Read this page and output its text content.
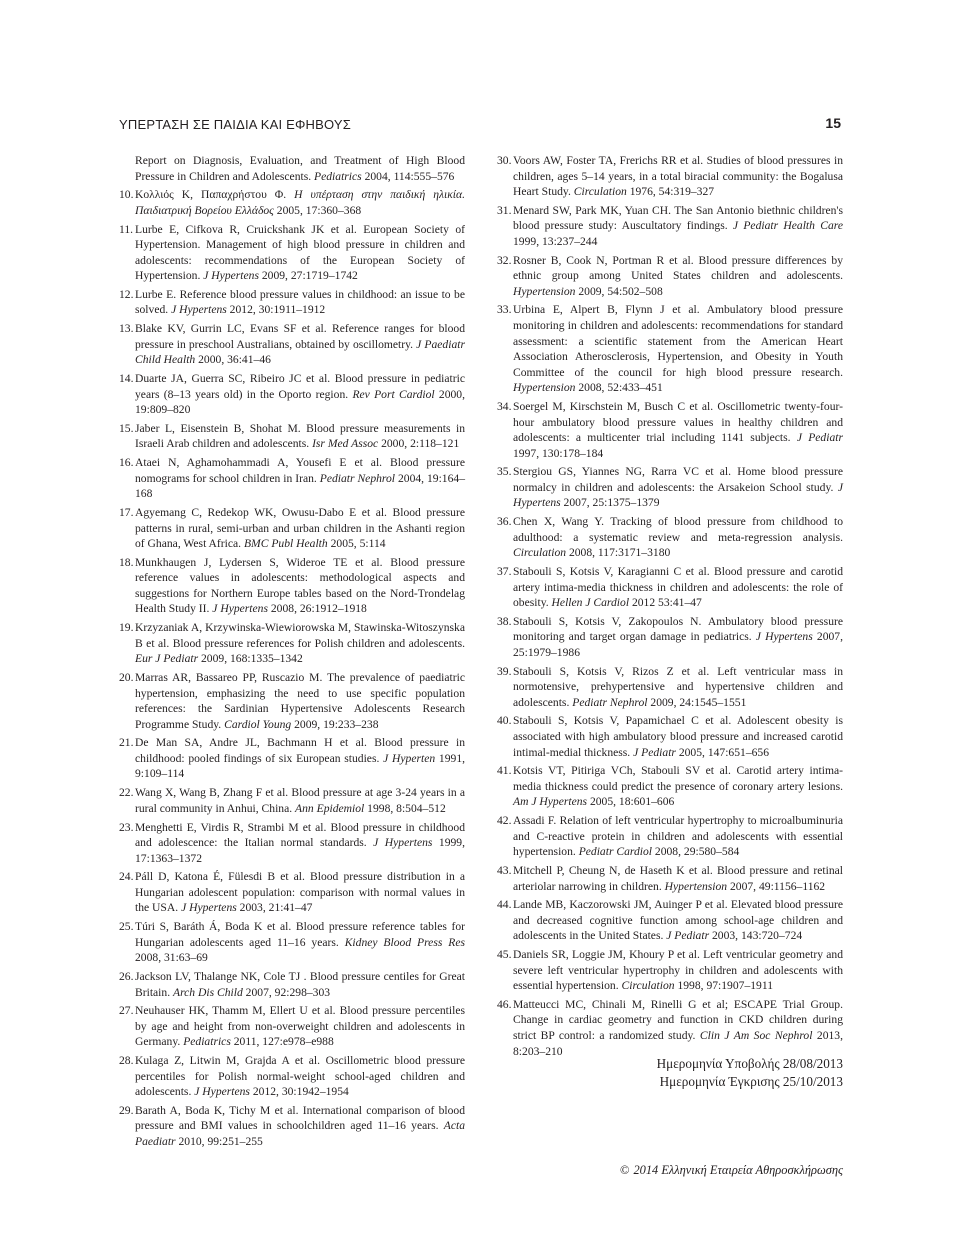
ΥΠΕΡΤΑΣΗ ΣΕ ΠΑΙΔΙΑ ΚΑΙ ΕΦΗΒΟΥΣ	15
Report on Diagnosis, Evaluation, and Treatment of High Blood Pressure in Children and Adolescents. Pediatrics 2004, 114:555–576
10. Κολλιός Κ, Παπαχρήστου Φ. Η υπέρταση στην παιδική ηλικία. Παιδιατρική Βορείου Ελλάδος 2005, 17:360–368
11. Lurbe E, Cifkova R, Cruickshank JK et al. European Society of Hypertension. Management of high blood pressure in children and adolescents: recommendations of the European Society of Hypertension. J Hypertens 2009, 27:1719–1742
12. Lurbe E. Reference blood pressure values in childhood: an issue to be solved. J Hypertens 2012, 30:1911–1912
13. Blake KV, Gurrin LC, Evans SF et al. Reference ranges for blood pressure in preschool Australians, obtained by oscillometry. J Paediatr Child Health 2000, 36:41–46
14. Duarte JA, Guerra SC, Ribeiro JC et al. Blood pressure in pediatric years (8–13 years old) in the Oporto region. Rev Port Cardiol 2000, 19:809–820
15. Jaber L, Eisenstein B, Shohat M. Blood pressure measurements in Israeli Arab children and adolescents. Isr Med Assoc 2000, 2:118–121
16. Ataei N, Aghamohammadi A, Yousefi E et al. Blood pressure nomograms for school children in Iran. Pediatr Nephrol 2004, 19:164–168
17. Agyemang C, Redekop WK, Owusu-Dabo E et al. Blood pressure patterns in rural, semi-urban and urban children in the Ashanti region of Ghana, West Africa. BMC Publ Health 2005, 5:114
18. Munkhaugen J, Lydersen S, Wideroe TE et al. Blood pressure reference values in adolescents: methodological aspects and suggestions for Northern Europe tables based on the Nord-Trondelag Health Study II. J Hypertens 2008, 26:1912–1918
19. Krzyzaniak A, Krzywinska-Wiewiorowska M, Stawinska-Witoszynska B et al. Blood pressure references for Polish children and adolescents. Eur J Pediatr 2009, 168:1335–1342
20. Marras AR, Bassareo PP, Ruscazio M. The prevalence of paediatric hypertension, emphasizing the need to use specific population references: the Sardinian Hypertensive Adolescents Research Programme Study. Cardiol Young 2009, 19:233–238
21. De Man SA, Andre JL, Bachmann H et al. Blood pressure in childhood: pooled findings of six European studies. J Hyperten 1991, 9:109–114
22. Wang X, Wang B, Zhang F et al. Blood pressure at age 3-24 years in a rural community in Anhui, China. Ann Epidemiol 1998, 8:504–512
23. Menghetti E, Virdis R, Strambi M et al. Blood pressure in childhood and adolescence: the Italian normal standards. J Hypertens 1999, 17:1363–1372
24. Páll D, Katona É, Fülesdi B et al. Blood pressure distribution in a Hungarian adolescent population: comparison with normal values in the USA. J Hypertens 2003, 21:41–47
25. Túri S, Baráth Á, Boda K et al. Blood pressure reference tables for Hungarian adolescents aged 11–16 years. Kidney Blood Press Res 2008, 31:63–69
26. Jackson LV, Thalange NK, Cole TJ . Blood pressure centiles for Great Britain. Arch Dis Child 2007, 92:298–303
27. Neuhauser HK, Thamm M, Ellert U et al. Blood pressure percentiles by age and height from non-overweight children and adolescents in Germany. Pediatrics 2011, 127:e978–e988
28. Kulaga Z, Litwin M, Grajda A et al. Oscillometric blood pressure percentiles for Polish normal-weight school-aged children and adolescents. J Hypertens 2012, 30:1942–1954
29. Barath A, Boda K, Tichy M et al. International comparison of blood pressure and BMI values in schoolchildren aged 11–16 years. Acta Paediatr 2010, 99:251–255
30. Voors AW, Foster TA, Frerichs RR et al. Studies of blood pressures in children, ages 5–14 years, in a total biracial community: the Bogalusa Heart Study. Circulation 1976, 54:319–327
31. Menard SW, Park MK, Yuan CH. The San Antonio biethnic children's blood pressure study: Auscultatory findings. J Pediatr Health Care 1999, 13:237–244
32. Rosner B, Cook N, Portman R et al. Blood pressure differences by ethnic group among United States children and adolescents. Hypertension 2009, 54:502–508
33. Urbina E, Alpert B, Flynn J et al. Ambulatory blood pressure monitoring in children and adolescents: recommendations for standard assessment: a scientific statement from the American Heart Association Atherosclerosis, Hypertension, and Obesity in Youth Committee of the council for high blood pressure research. Hypertension 2008, 52:433–451
34. Soergel M, Kirschstein M, Busch C et al. Oscillometric twenty-four-hour ambulatory blood pressure values in healthy children and adolescents: a multicenter trial including 1141 subjects. J Pediatr 1997, 130:178–184
35. Stergiou GS, Yiannes NG, Rarra VC et al. Home blood pressure normalcy in children and adolescents: the Arsakeion School study. J Hypertens 2007, 25:1375–1379
36. Chen X, Wang Y. Tracking of blood pressure from childhood to adulthood: a systematic review and meta-regression analysis. Circulation 2008, 117:3171–3180
37. Stabouli S, Kotsis V, Karagianni C et al. Blood pressure and carotid artery intima-media thickness in children and adolescents: the role of obesity. Hellen J Cardiol 2012 53:41–47
38. Stabouli S, Kotsis V, Zakopoulos N. Ambulatory blood pressure monitoring and target organ damage in pediatrics. J Hypertens 2007, 25:1979–1986
39. Stabouli S, Kotsis V, Rizos Z et al. Left ventricular mass in normotensive, prehypertensive and hypertensive children and adolescents. Pediatr Nephrol 2009, 24:1545–1551
40. Stabouli S, Kotsis V, Papamichael C et al. Adolescent obesity is associated with high ambulatory blood pressure and increased carotid intimal-medial thickness. J Pediatr 2005, 147:651–656
41. Kotsis VT, Pitiriga VCh, Stabouli SV et al. Carotid artery intima-media thickness could predict the presence of coronary artery lesions. Am J Hypertens 2005, 18:601–606
42. Assadi F. Relation of left ventricular hypertrophy to microalbuminuria and C-reactive protein in children and adolescents with essential hypertension. Pediatr Cardiol 2008, 29:580–584
43. Mitchell P, Cheung N, de Haseth K et al. Blood pressure and retinal arteriolar narrowing in children. Hypertension 2007, 49:1156–1162
44. Lande MB, Kaczorowski JM, Auinger P et al. Elevated blood pressure and decreased cognitive function among school-age children and adolescents in the United States. J Pediatr 2003, 143:720–724
45. Daniels SR, Loggie JM, Khoury P et al. Left ventricular geometry and severe left ventricular hypertrophy in children and adolescents with essential hypertension. Circulation 1998, 97:1907–1911
46. Matteucci MC, Chinali M, Rinelli G et al; ESCAPE Trial Group. Change in cardiac geometry and function in CKD children during strict BP control: a randomized study. Clin J Am Soc Nephrol 2013, 8:203–210
Ημερομηνία Υποβολής 28/08/2013
Ημερομηνία Έγκρισης 25/10/2013
© 2014 Ελληνική Εταιρεία Αθηροσκλήρωσης
